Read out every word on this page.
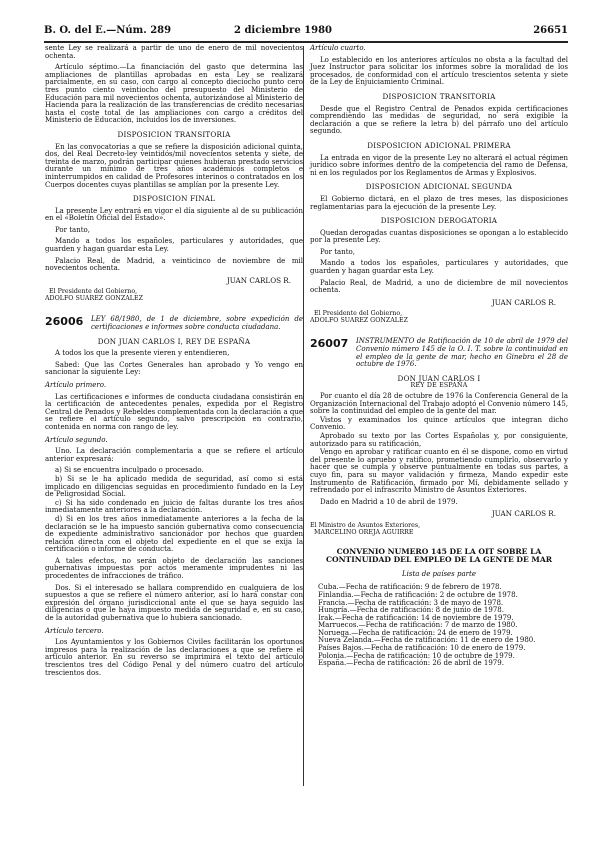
B. O. del E.—Núm. 289	2 diciembre 1980	26651

sente Ley se realizará a partir de uno de enero de mil novecientos ochenta.

Artículo séptimo.—La financiación del gasto que determina las ampliaciones de plantillas aprobadas en esta Ley se realizará parcialmente, en su caso, con cargo al concepto dieciocho punto cero tres punto ciento veintiocho del presupuesto del Ministerio de Educación para mil novecientos ochenta, autorizándose al Ministerio de Hacienda para la realización de las transferencias de crédito necesarias hasta el coste total de las ampliaciones con cargo a créditos del Ministerio de Educación, incluidos los de inversiones.

DISPOSICION TRANSITORIA

En las convocatorias a que se refiere la disposición adicional quinta, dos, del Real Decreto-ley veintidós/mil novecientos setenta y siete, de treinta de marzo, podrán participar quienes hubieran prestado servicios durante un mínimo de tres años académicos completos e ininterrumpidos en calidad de Profesores interinos o contratados en los Cuerpos docentes cuyas plantillas se amplían por la presente Ley.

DISPOSICION FINAL

La presente Ley entrará en vigor el día siguiente al de su publicación en el «Boletín Oficial del Estado».

Por tanto,

Mando a todos los españoles, particulares y autoridades, que guarden y hagan guardar esta Ley.

Palacio Real, de Madrid, a veinticinco de noviembre de mil novecientos ochenta.

JUAN CARLOS R.
El Presidente del Gobierno,
ADOLFO SUAREZ GONZALEZ
26006	LEY 68/1980, de 1 de diciembre, sobre expedición de certificaciones e informes sobre conducta ciudadana.
DON JUAN CARLOS I, REY DE ESPAÑA

A todos los que la presente vieren y entendieren,

Sabed: Que las Cortes Generales han aprobado y Yo vengo en sancionar la siguiente Ley:

Artículo primero.

Las certificaciones e informes de conducta ciudadana consistirán en la certificación de antecedentes penales, expedida por el Registro Central de Penados y Rebeldes complementada con la declaración a que se refiere el artículo segundo, salvo prescripción en contrario, contenida en norma con rango de ley.

Artículo segundo.

Uno. La declaración complementaria a que se refiere el artículo anterior expresará:

a) Si se encuentra inculpado o procesado.

b) Si se le ha aplicado medida de seguridad, así como si está implicado en diligencias seguidas en procedimiento fundado en la Ley de Peligrosidad Social.

c) Si ha sido condenado en juicio de faltas durante los tres años inmediatamente anteriores a la declaración.

d) Si en los tres años inmediatamente anteriores a la fecha de la declaración se le ha impuesto sanción gubernativa como consecuencia de expediente administrativo sancionador por hechos que guarden relación directa con el objeto del expediente en el que se exija la certificación o informe de conducta.

A tales efectos, no serán objeto de declaración las sanciones gubernativas impuestas por actos meramente imprudentes ni las procedentes de infracciones de tráfico.

Dos. Si el interesado se hallara comprendido en cualquiera de los supuestos a que se refiere el número anterior, así lo hará constar con expresión del órgano jurisdiccional ante el que se haya seguido las diligencias o que le haya impuesto medida de seguridad e, en su caso, de la autoridad gubernativa que lo hubiera sancionado.

Artículo tercero.

Los Ayuntamientos y los Gobiernos Civiles facilitarán los oportunos impresos para la realización de las declaraciones a que se refiere el artículo anterior. En su reverso se imprimirá el texto del artículo trescientos tres del Código Penal y del número cuatro del artículo trescientos dos.

Artículo cuarto.

Lo establecido en los anteriores artículos no obsta a la facultad del Juez Instructor para solicitar los informes sobre la moralidad de los procesados, de conformidad con el artículo trescientos setenta y siete de la Ley de Enjuiciamiento Criminal.

DISPOSICION TRANSITORIA

Desde que el Registro Central de Penados expida certificaciones comprendiendo las medidas de seguridad, no será exigible la declaración a que se refiere la letra b) del párrafo uno del artículo segundo.

DISPOSICION ADICIONAL PRIMERA

La entrada en vigor de la presente Ley no alterará el actual régimen jurídico sobre informes dentro de la competencia del ramo de Defensa, ni en los regulados por los Reglamentos de Armas y Explosivos.

DISPOSICION ADICIONAL SEGUNDA

El Gobierno dictará, en el plazo de tres meses, las disposiciones reglamentarias para la ejecución de la presente Ley.

DISPOSICION DEROGATORIA

Quedan derogadas cuantas disposiciones se opongan a lo establecido por la presente Ley.

Por tanto,

Mando a todos los españoles, particulares y autoridades, que guarden y hagan guardar esta Ley.

Palacio Real, de Madrid, a uno de diciembre de mil novecientos ochenta.

JUAN CARLOS R.
El Presidente del Gobierno,
ADOLFO SUAREZ GONZALEZ
26007	INSTRUMENTO de Ratificación de 10 de abril de 1979 del Convenio número 145 de la O. I. T. sobre la continuidad en el empleo de la gente de mar, hecho en Ginebra el 28 de octubre de 1976.
DON JUAN CARLOS I
REY DE ESPAÑA

Por cuanto el día 28 de octubre de 1976 la Conferencia General de la Organización Internacional del Trabajo adoptó el Convenio número 145, sobre la continuidad del empleo de la gente del mar.

Vistos y examinados los quince artículos que integran dicho Convenio.

Aprobado su texto por las Cortes Españolas y, por consiguiente, autorizado para su ratificación,

Vengo en aprobar y ratificar cuanto en él se dispone, como en virtud del presente lo apruebo y ratifico, prometiendo cumplirlo, observarlo y hacer que se cumpla y observe puntualmente en todas sus partes, a cuyo fin, para su mayor validación y firmeza, Mando expedir este Instrumento de Ratificación, firmado por Mí, debidamente sellado y refrendado por el infrascrito Ministro de Asuntos Exteriores.

Dado en Madrid a 10 de abril de 1979.

JUAN CARLOS R.
El Ministro de Asuntos Exteriores,
MARCELINO OREJA AGUIRRE
CONVENIO NUMERO 145 DE LA OIT SOBRE LA CONTINUIDAD DEL EMPLEO DE LA GENTE DE MAR
Lista de países parte
Cuba.—Fecha de ratificación: 9 de febrero de 1978.
Finlandia.—Fecha de ratificación: 2 de octubre de 1978.
Francia.—Fecha de ratificación: 3 de mayo de 1978.
Hungría.—Fecha de ratificación: 8 de junio de 1978.
Irak.—Fecha de ratificación: 14 de noviembre de 1979.
Marruecos.—Fecha de ratificación: 7 de marzo de 1980.
Noruega.—Fecha de ratificación: 24 de enero de 1979.
Nueva Zelanda.—Fecha de ratificación: 11 de enero de 1980.
Países Bajos.—Fecha de ratificación: 10 de enero de 1979.
Polonia.—Fecha de ratificación: 10 de octubre de 1979.
España.—Fecha de ratificación: 26 de abril de 1979.
